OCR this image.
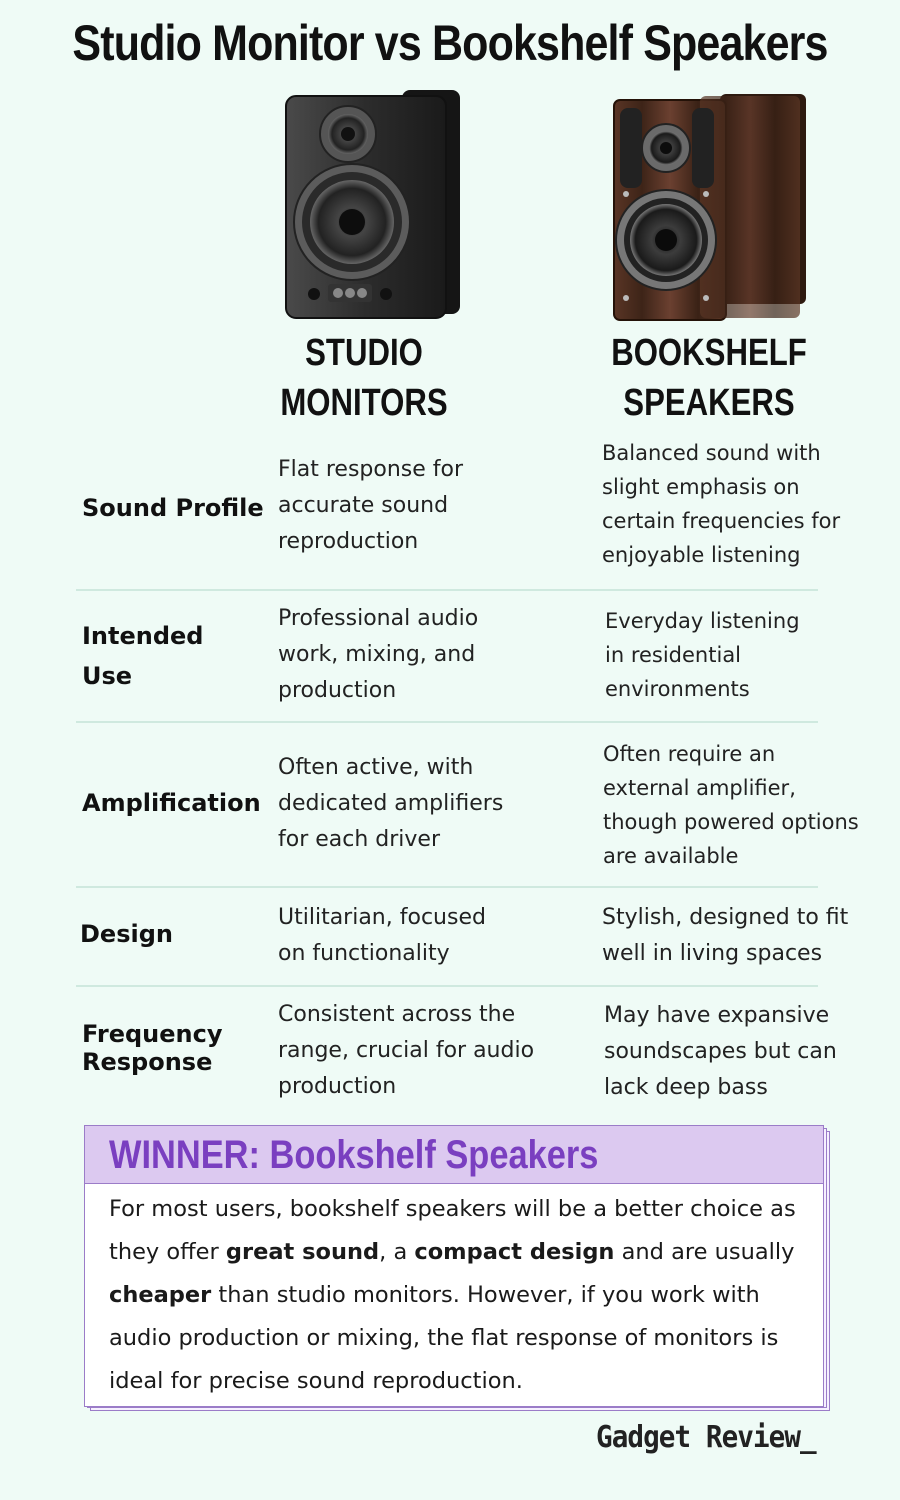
Studio Monitor vs Bookshelf Speakers
STUDIO
MONITORS
BOOKSHELF
SPEAKERS
Sound Profile
Flat response for
accurate sound
reproduction
Balanced sound with
slight emphasis on
certain frequencies for
enjoyable listening
Intended
Use
Professional audio
work, mixing, and
production
Everyday listening
in residential
environments
Amplification
Often active, with
dedicated amplifiers
for each driver
Often require an
external amplifier,
though powered options
are available
Design
Utilitarian, focused
on functionality
Stylish, designed to fit
well in living spaces
Frequency
Response
Consistent across the
range, crucial for audio
production
May have expansive
soundscapes but can
lack deep bass
WINNER: Bookshelf Speakers
For most users, bookshelf speakers will be a better choice as they offer great sound, a compact design and are usually cheaper than studio monitors. However, if you work with audio production or mixing, the flat response of monitors is ideal for precise sound reproduction.
Gadget Review_
